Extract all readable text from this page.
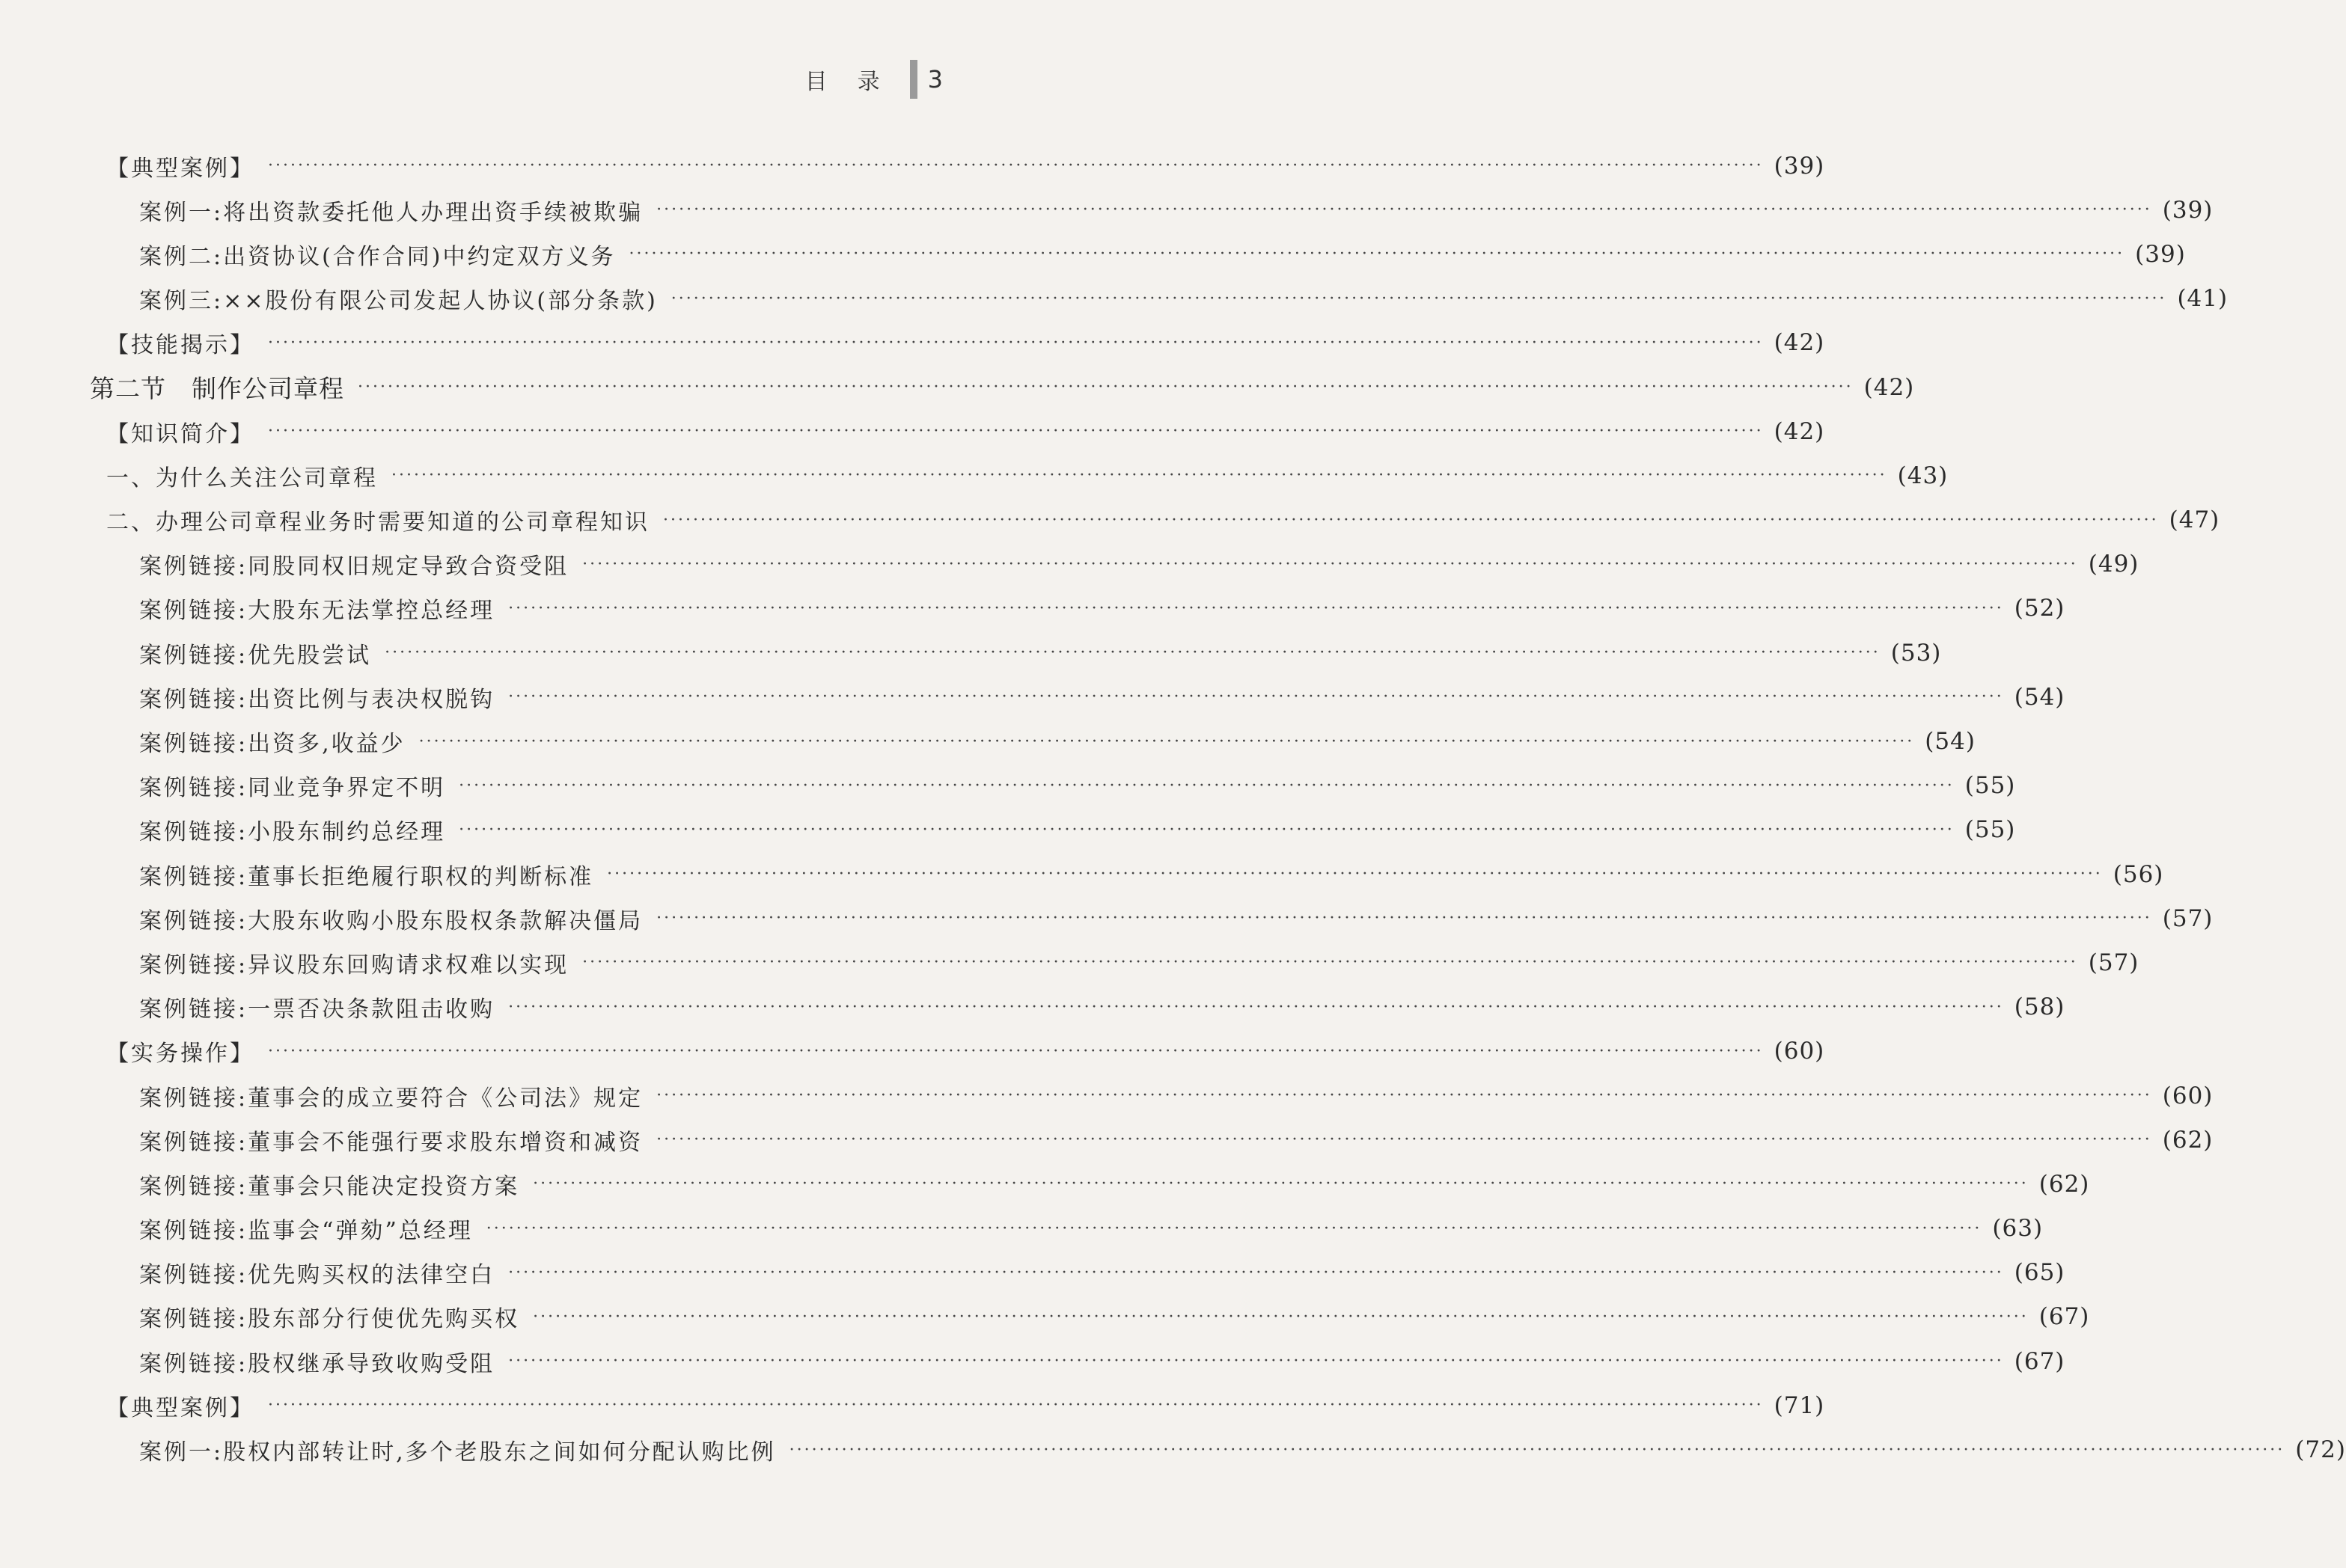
目录 3
【典型案例】 ········································································································································································································ (39)
案例一:将出资款委托他人办理出资手续被欺骗 ········································································································································································································ (39)
案例二:出资协议(合作合同)中约定双方义务 ········································································································································································································ (39)
案例三:××股份有限公司发起人协议(部分条款) ········································································································································································································ (41)
【技能揭示】 ········································································································································································································ (42)
第二节　制作公司章程 ········································································································································································································ (42)
【知识简介】 ········································································································································································································ (42)
一、为什么关注公司章程 ········································································································································································································ (43)
二、办理公司章程业务时需要知道的公司章程知识 ········································································································································································································ (47)
案例链接:同股同权旧规定导致合资受阻 ········································································································································································································ (49)
案例链接:大股东无法掌控总经理 ········································································································································································································ (52)
案例链接:优先股尝试 ········································································································································································································ (53)
案例链接:出资比例与表决权脱钩 ········································································································································································································ (54)
案例链接:出资多,收益少 ········································································································································································································ (54)
案例链接:同业竞争界定不明 ········································································································································································································ (55)
案例链接:小股东制约总经理 ········································································································································································································ (55)
案例链接:董事长拒绝履行职权的判断标准 ········································································································································································································ (56)
案例链接:大股东收购小股东股权条款解决僵局 ········································································································································································································ (57)
案例链接:异议股东回购请求权难以实现 ········································································································································································································ (57)
案例链接:一票否决条款阻击收购 ········································································································································································································ (58)
【实务操作】 ········································································································································································································ (60)
案例链接:董事会的成立要符合《公司法》规定 ········································································································································································································ (60)
案例链接:董事会不能强行要求股东增资和减资 ········································································································································································································ (62)
案例链接:董事会只能决定投资方案 ········································································································································································································ (62)
案例链接:监事会“弹劾”总经理 ········································································································································································································ (63)
案例链接:优先购买权的法律空白 ········································································································································································································ (65)
案例链接:股东部分行使优先购买权 ········································································································································································································ (67)
案例链接:股权继承导致收购受阻 ········································································································································································································ (67)
【典型案例】 ········································································································································································································ (71)
案例一:股权内部转让时,多个老股东之间如何分配认购比例 ········································································································································································································ (72)
